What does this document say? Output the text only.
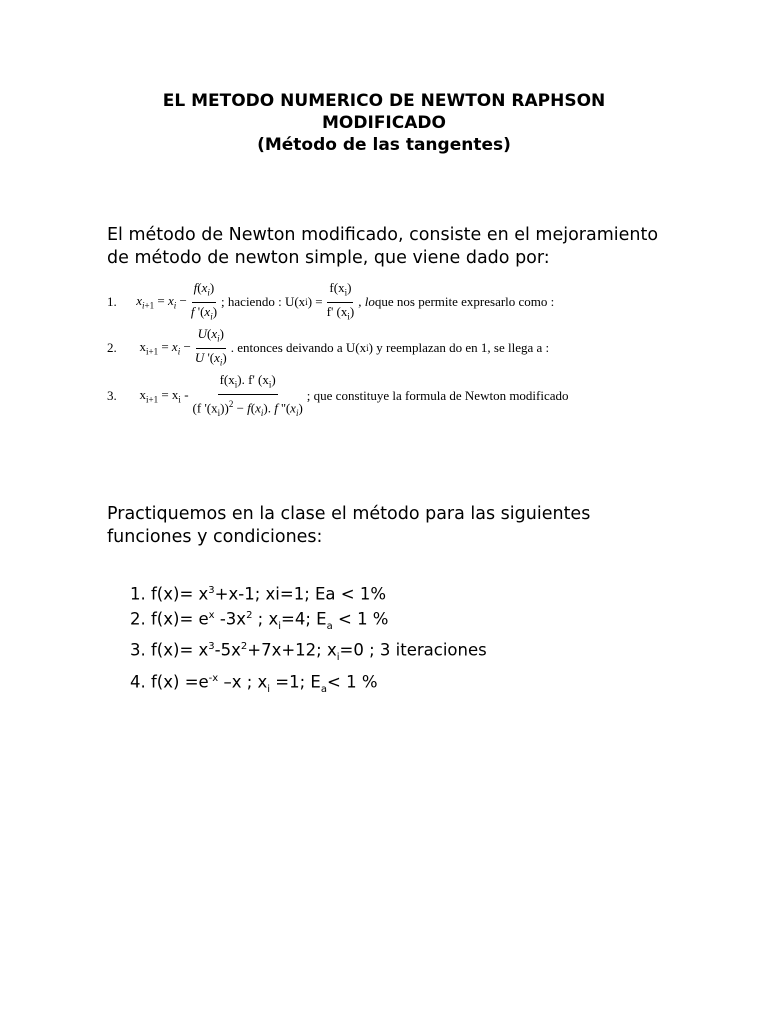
EL METODO NUMERICO DE NEWTON RAPHSON
MODIFICADO
(Método de las tangentes)
El método de Newton modificado, consiste en el mejoramiento
de método de newton simple, que viene dado por:
1.	$x_{i+1} = x_i - \frac{f(x_i)}{f '(x_i)}$ ; haciendo : U(x i ) = $\frac{f(x_i)}{f' (x_i)}$ , lo que nos permite expresarlo como :
2.	$x_{i+1} = x_i - \frac{U(x_i)}{U '(x_i)}$ . entonces deivando a U(x i ) y reemplazan do en 1, se llega a :
3.	$x_{i+1} = x_i - \frac{f(x_i). f' (x_i)}{(f '(x_i))^2 - f(x_i). f ''(x_i)}$ ; que constituye la formula de Newton modificado
Practiquemos en la clase el método para las siguientes
funciones y condiciones:
1. $f(x)= x^3+x-1$; xi=1; Ea < 1%
2. $f(x)= e^x$ $-3x^2$ ; $x_i=4$; $E_a < 1$ %
3. $f(x)= x^3-5x^2+7x+12$; $x_i=0$ ; 3 iteraciones
4. $f(x) =e^{-x}$ –x ; $x_i =1$; $E_a< 1$ %
